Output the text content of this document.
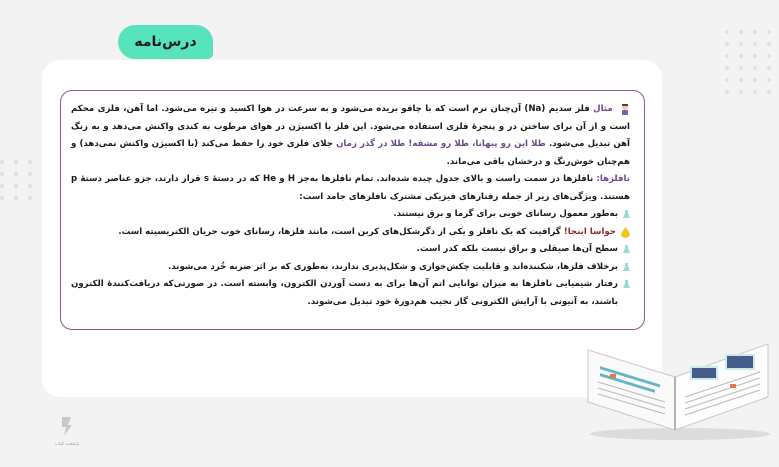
درس‌نامه

مثال فلز سدیم (Na) آن‌چنان نرم است که با چاقو بریده می‌شود و به سرعت در هوا اکسید و تیره می‌شود. اما آهن، فلزی محکم است و از آن برای ساختن در و پنجرهٔ فلزی استفاده می‌شود. این فلز با اکسیژن در هوای مرطوب به کندی واکنش می‌دهد و به زنگ آهن تبدیل می‌شود. طلا این رو پیهانا، طلا رو مشقه! طلا در گذر زمان جلای فلزی خود را حفظ می‌کند (با اکسیژن واکنش نمی‌دهد) و هم‌چنان خوش‌رنگ و درخشان باقی می‌ماند.

نافلزها: نافلزها در سمت راست و بالای جدول چیده شده‌اند. تمام نافلزها به‌جز H و He که در دستهٔ s قرار دارند، جزو عناصر دستهٔ p هستند. ویژگی‌های زیر از جمله رفتارهای فیزیکی مشترک نافلزهای جامد است:

به‌طور معمول رسانای خوبی برای گرما و برق نیستند.
حواسا اینجا! گرافیت که یک نافلز و یکی از دگرشکل‌های کربن است، مانند فلزها، رسانای خوب جریان الکتریسیته است.
سطح آن‌ها صیقلی و براق نیست بلکه کدر است.
برخلاف فلزها، شکننده‌اند و قابلیت چکش‌خواری و شکل‌پذیری ندارند، به‌طوری که بر اثر ضربه خُرد می‌شوند.
رفتار شیمیایی نافلزها به میزان توانایی اتم آن‌ها برای به دست آوردن الکترون، وابسته است. در صورتی‌که دریافت‌کنندهٔ الکترون باشند، به آنیونی با آرایش الکترونی گاز نجیب هم‌دورهٔ خود تبدیل می‌شوند.
پاینتخت کتاب
